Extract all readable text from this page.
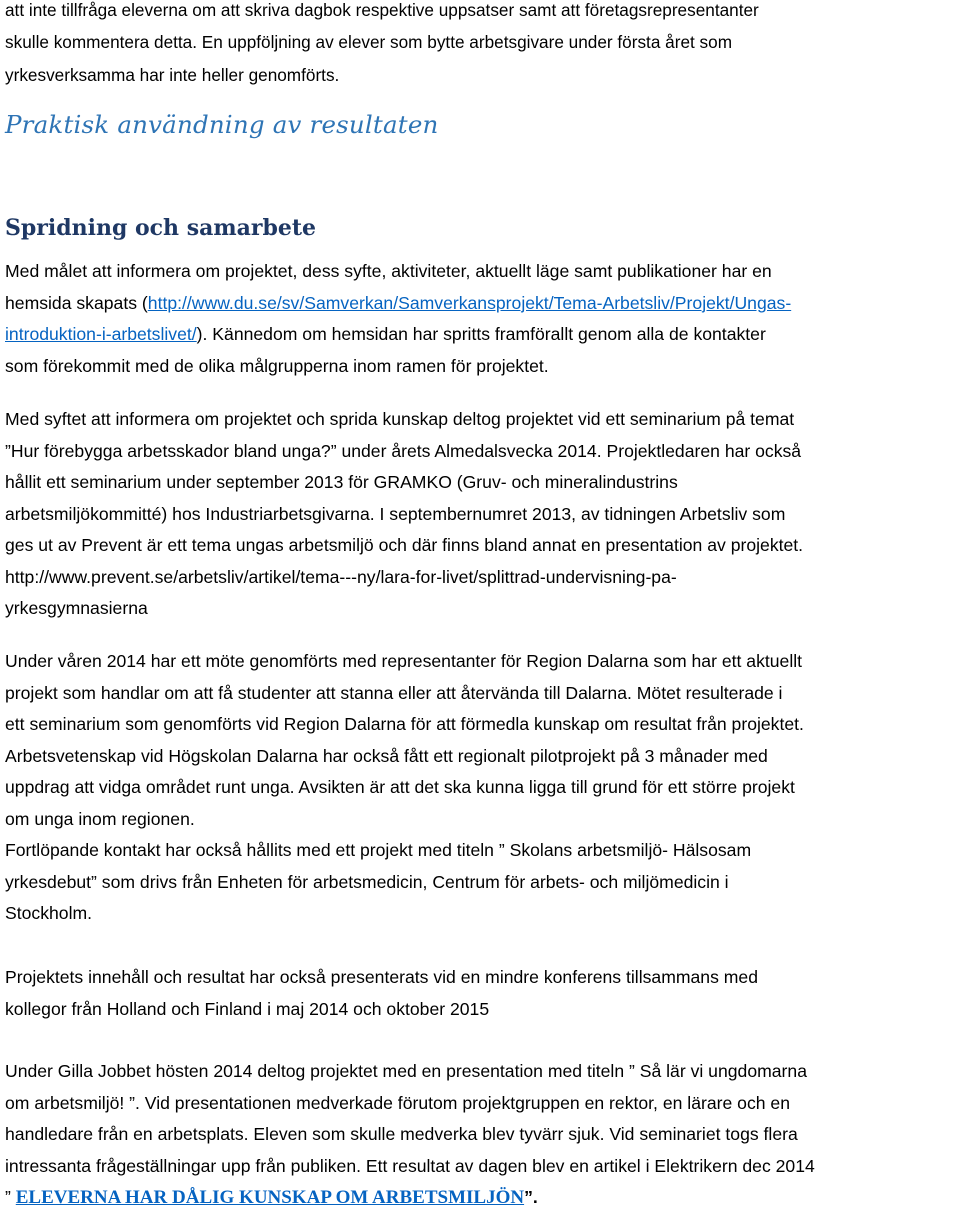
att inte tillfråga eleverna om att skriva dagbok respektive uppsatser samt att företagsrepresentanter
skulle kommentera detta. En uppföljning av elever som bytte arbetsgivare under första året som
yrkesverksamma har inte heller genomförts.

Praktisk användning av resultaten
Spridning och samarbete

Med målet att informera om projektet, dess syfte, aktiviteter, aktuellt läge samt publikationer har en
hemsida skapats (http://www.du.se/sv/Samverkan/Samverkansprojekt/Tema-Arbetsliv/Projekt/Ungas-
introduktion-i-arbetslivet/). Kännedom om hemsidan har spritts framförallt genom alla de kontakter
som förekommit med de olika målgrupperna inom ramen för projektet.

Med syftet att informera om projektet och sprida kunskap deltog projektet vid ett seminarium på temat
”Hur förebygga arbetsskador bland unga?” under årets Almedalsvecka 2014. Projektledaren har också
hållit ett seminarium under september 2013 för GRAMKO (Gruv- och mineralindustrins
arbetsmiljökommitté) hos Industriarbetsgivarna. I septembernumret 2013, av tidningen Arbetsliv som
ges ut av Prevent är ett tema ungas arbetsmiljö och där finns bland annat en presentation av projektet.
http://www.prevent.se/arbetsliv/artikel/tema---ny/lara-for-livet/splittrad-undervisning-pa-
yrkesgymnasierna

Under våren 2014 har ett möte genomförts med representanter för Region Dalarna som har ett aktuellt
projekt som handlar om att få studenter att stanna eller att återvända till Dalarna. Mötet resulterade i
ett seminarium som genomförts vid Region Dalarna för att förmedla kunskap om resultat från projektet.
Arbetsvetenskap vid Högskolan Dalarna har också fått ett regionalt pilotprojekt på 3 månader med
uppdrag att vidga området runt unga. Avsikten är att det ska kunna ligga till grund för ett större projekt
om unga inom regionen.
Fortlöpande kontakt har också hållits med ett projekt med titeln ” Skolans arbetsmiljö- Hälsosam
yrkesdebut” som drivs från Enheten för arbetsmedicin, Centrum för arbets- och miljömedicin i
Stockholm.

Projektets innehåll och resultat har också presenterats vid en mindre konferens tillsammans med
kollegor från Holland och Finland i maj 2014 och oktober 2015

Under Gilla Jobbet hösten 2014 deltog projektet med en presentation med titeln ” Så lär vi ungdomarna
om arbetsmiljö! ”. Vid presentationen medverkade förutom projektgruppen en rektor, en lärare och en
handledare från en arbetsplats. Eleven som skulle medverka blev tyvärr sjuk. Vid seminariet togs flera
intressanta frågeställningar upp från publiken. Ett resultat av dagen blev en artikel i Elektrikern dec 2014
” ELEVERNA HAR DÅLIG KUNSKAP OM ARBETSMILJÖN”.
